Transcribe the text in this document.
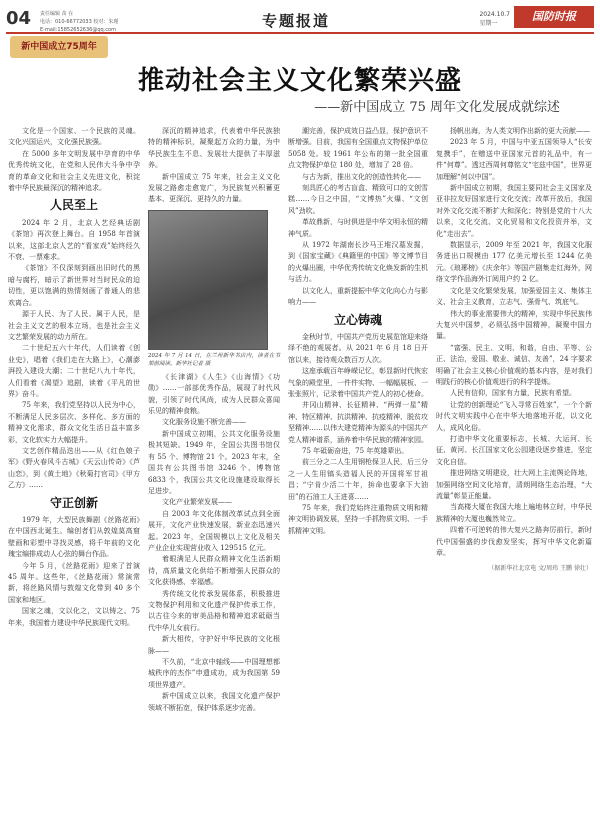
04 责任编辑 苗 在
电话：010-66772033 校对：朱瑾
E-mail:15852652636@qq.com	专题报道	2024.10.7
星期一
国防时报
新中国成立75周年
推动社会主义文化繁荣兴盛
——新中国成立 75 周年文化发展成就综述

文化是一个国家、一个民族的灵魂。文化兴国运兴，文化强民族强。

在 5000 多年文明发展中孕育的中华优秀传统文化，在党和人民伟大斗争中孕育的革命文化和社会主义先进文化，积淀着中华民族最深沉的精神追求。

人民至上

2024 年 2 月，北京人艺经典话剧《茶馆》再次登上舞台。自 1958 年首演以来，这部北京人艺的“看家戏”始终经久不衰、一票难求。

《茶馆》不仅深刻到画出旧时代的黑暗与腐朽，暗示了新世界对当时民众的迫切性，更以饱满的热情刻画了普通人的悲欢离合。

源于人民、为了人民、属于人民，是社会主义文艺的根本立场，也是社会主义文艺繁荣发展的动力所在。

二十世纪五六十年代，人们读着《创业史》，唱着《我们走在大路上》，心潮澎湃投入建设大潮；二十世纪八九十年代，人们看着《渴望》追剧，读着《平凡的世界》奋斗。

75 年来，我们党坚持以人民为中心，不断满足人民多层次、多样化、多方面的精神文化需求，群众文化生活日益丰富多彩，文化软实力大幅提升。

文艺创作精品迭出——从《红色娘子军》《野火春风斗古城》《天云山传奇》《芦山恋》，到《黄土地》《秋菊打官司》《甲方乙方》……

守正创新

1979 年，大型民族舞剧《丝路花雨》在中国西北诞生。编创者们从敦煌莫高窟壁画和彩塑中寻找灵感，将千年前的文化瑰宝编排成动人心弦的舞台作品。

今年 5 月，《丝路花雨》迎来了首演 45 周年。这些年，《丝路花雨》常演常新，将丝路风情与敦煌文化带到 40 多个国家和地区。

国家之魂，文以化之，文以铸之。75 年来，我国着力建设中华民族现代文明。

深沉的精神追求，代表着中华民族独特的精神标识，凝聚起万众的力量，为中华民族生生不息、发展壮大提供了丰厚滋养。

新中国成立 75 年来，社会主义文化发展之路愈走愈宽广，为民族复兴积蓄更基本、更深沉、更持久的力量。

2024 年 7 月 14 日，在兰州新华书店内，读者在书架前阅读。新华社记者 摄

《长津湖》《人生》《山海情》《功勋》……一部部优秀作品，展现了时代风貌，引领了时代风尚，成为人民群众喜闻乐见的精神食粮。

文化服务设施不断完善——

新中国成立初期，公共文化服务设施极其短缺。1949 年，全国公共图书馆仅有 55 个、博物馆 21 个。2023 年末，全国共有公共图书馆 3246 个、博物馆 6833 个，我国公共文化设施建设取得长足进步。

文化产业繁荣发展——

自 2003 年文化体制改革试点到全面展开，文化产业快速发展，新业态迅速兴起。2023 年，全国规模以上文化及相关产业企业实现营业收入 129515 亿元。

着眼满足人民群众精神文化生活新期待，高质量文化供给不断增强人民群众的文化获得感、幸福感。

秀传统文化传承发展体系，积极推进文物保护利用和文化遗产保护传承工作，以古往今来的审美品格和精神追求砥砺当代中华儿女前行。

新大相传，守护好中华民族的文化根脉——

不久前，“北京中轴线——中国理想都城秩序的杰作”申遗成功，成为我国第 59 项世界遗产。

新中国成立以来，我国文化遗产保护领域不断拓宽，保护体系逐步完善。

潮完善，保护成效日益凸显，保护意识不断增强。目前，我国有全国重点文物保护单位 5058 处。较 1961 年公布的第一批全国重点文物保护单位 180 处，增加了 28 倍。

与古为新，推出文化的创造性转化——

刻具匠心的考古盲盒、精致可口的文创雪糕……今日之中国，“文博热”火爆、“文创风”劲吹。

革故鼎新，与时俱进是中华文明永恒的精神气质。

从 1972 年湖南长沙马王堆汉墓发掘，到《国家宝藏》《典籍里的中国》等文博节目的火爆出圈，中华优秀传统文化焕发新的生机与活力。

以文化人，重新提振中华文化向心力与影响力——

立心铸魂

金秋时节，中国共产党历史展览馆迎来络绎不绝的观展者。从 2021 年 6 月 18 日开馆以来，接待观众数百万人次。

这座承载百年峥嵘记忆，彰显新时代恢宏气象的殿堂里，一件件实物、一幅幅展板、一张张照片，记录着中国共产党人的初心使命。

井冈山精神、长征精神、“两弹一星”精神、特区精神、抗洪精神、抗疫精神、脱贫攻坚精神……以伟大建党精神为源头的中国共产党人精神谱系，涵养着中华民族的精神家园。

75 年砥砺奋进，75 年英雄辈出。

前三分之二人生用钢枪保卫人民，后三分之一人生用镐头造福人民的开国将军甘祖昌；“宁肯少活二十年，拚命也要拿下大油田”的石油工人王进喜……

75 年来，我们党始终注重物质文明和精神文明协调发展，坚持一手抓物质文明、一手抓精神文明。

扬帆出海，为人类文明作出新的更大贡献——

2023 年 5 月，中国与中亚五国领导人“长安复携手”，在赠送中亚国家元首的礼品中，有一件“何尊”。透过西周何尊铭文“宅兹中国”，世界更加理解“何以中国”。

新中国成立初期，我国主要同社会主义国家及亚非拉友好国家进行文化交流；改革开放后，我国对外文化交流不断扩大和深化；特别是党的十八大以来，文化交流、文化贸易和文化投资并举，文化“走出去”。

数据显示，2009 年至 2021 年，我国文化服务进出口规模由 177 亿美元增长至 1244 亿美元。《琅琊榜》《庆余年》等国产剧集走红海外，网络文学作品海外订阅用户约 2 亿。

文化是文化繁荣发展，加强爱国主义、集体主义、社会主义教育，立志气、强骨气、筑底气。

伟大的事业需要伟大的精神，实现中华民族伟大复兴中国梦，必须弘扬中国精神，凝聚中国力量。

“富强、民主、文明、和谐，自由、平等、公正、法治，爱国、敬业、诚信、友善”，24 字要求明确了社会主义核心价值观的基本内容，是对我们明践行的核心价值观进行的科学提炼。

人民有信仰，国家有力量，民族有希望。

让党的创新理论“飞入寻常百姓家”，一个个新时代文明实践中心在中华大地落地开花，以文化人，成风化俗。

打造中华文化重要标志，长城、大运河、长征、黄河、长江国家文化公园建设逐步推进，坚定文化自信。

推进网络文明建设，壮大网上主流舆论阵地，加强网络空间文化培育，清朗网络生态治理，“大流量”彰显正能量。

当高楼大厦在我国大地上遍地林立时，中华民族精神的大厦也巍然耸立。

四着不可逆转的伟大复兴之路奔厉前行，新时代中国强盛的步伐愈发坚实，挥写中华文化新篇章。

（据新华社北京电 文/周玮 王鹏 徐壮）
